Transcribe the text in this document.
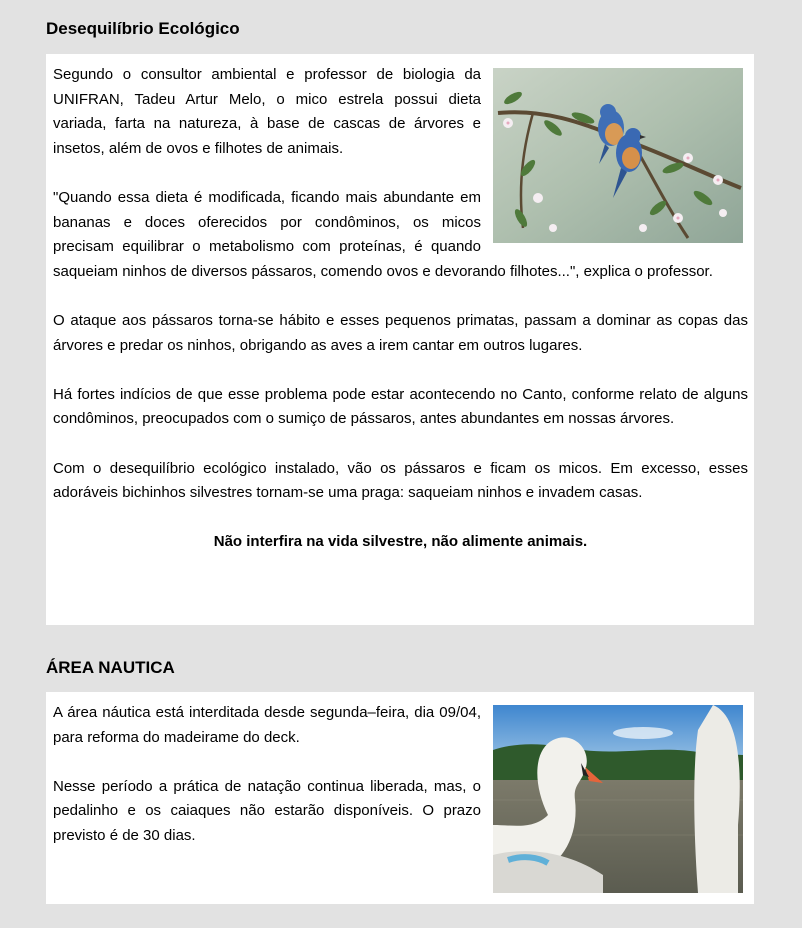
Desequilíbrio Ecológico

Segundo o consultor ambiental e professor de biologia da UNIFRAN, Tadeu Artur Melo, o mico estrela possui dieta variada, farta na natureza, à base de cascas de árvores e insetos, além de ovos e filhotes de animais.

"Quando essa dieta é modificada, ficando mais abundante em bananas e doces oferecidos por condôminos, os micos precisam equilibrar o metabolismo com proteínas, é quando saqueiam ninhos de diversos pássaros, comendo ovos e devorando filhotes...", explica o professor.

O ataque aos pássaros torna-se hábito e esses pequenos primatas, passam a dominar as copas das árvores e predar os ninhos, obrigando as aves a irem cantar em outros lugares.

Há fortes indícios de que esse problema pode estar acontecendo no Canto, conforme relato de alguns condôminos, preocupados com o sumiço de pássaros, antes abundantes em nossas árvores.

Com o desequilíbrio ecológico instalado, vão os pássaros e ficam os micos. Em excesso, esses adoráveis bichinhos silvestres tornam-se uma praga: saqueiam ninhos e invadem casas.

Não interfira na vida silvestre, não alimente animais.

ÁREA NAUTICA

A área náutica está interditada desde segunda–feira, dia 09/04, para reforma do madeirame do deck.

Nesse período a prática de natação continua liberada, mas, o pedalinho e os caiaques não estarão disponíveis. O prazo previsto é de 30 dias.
